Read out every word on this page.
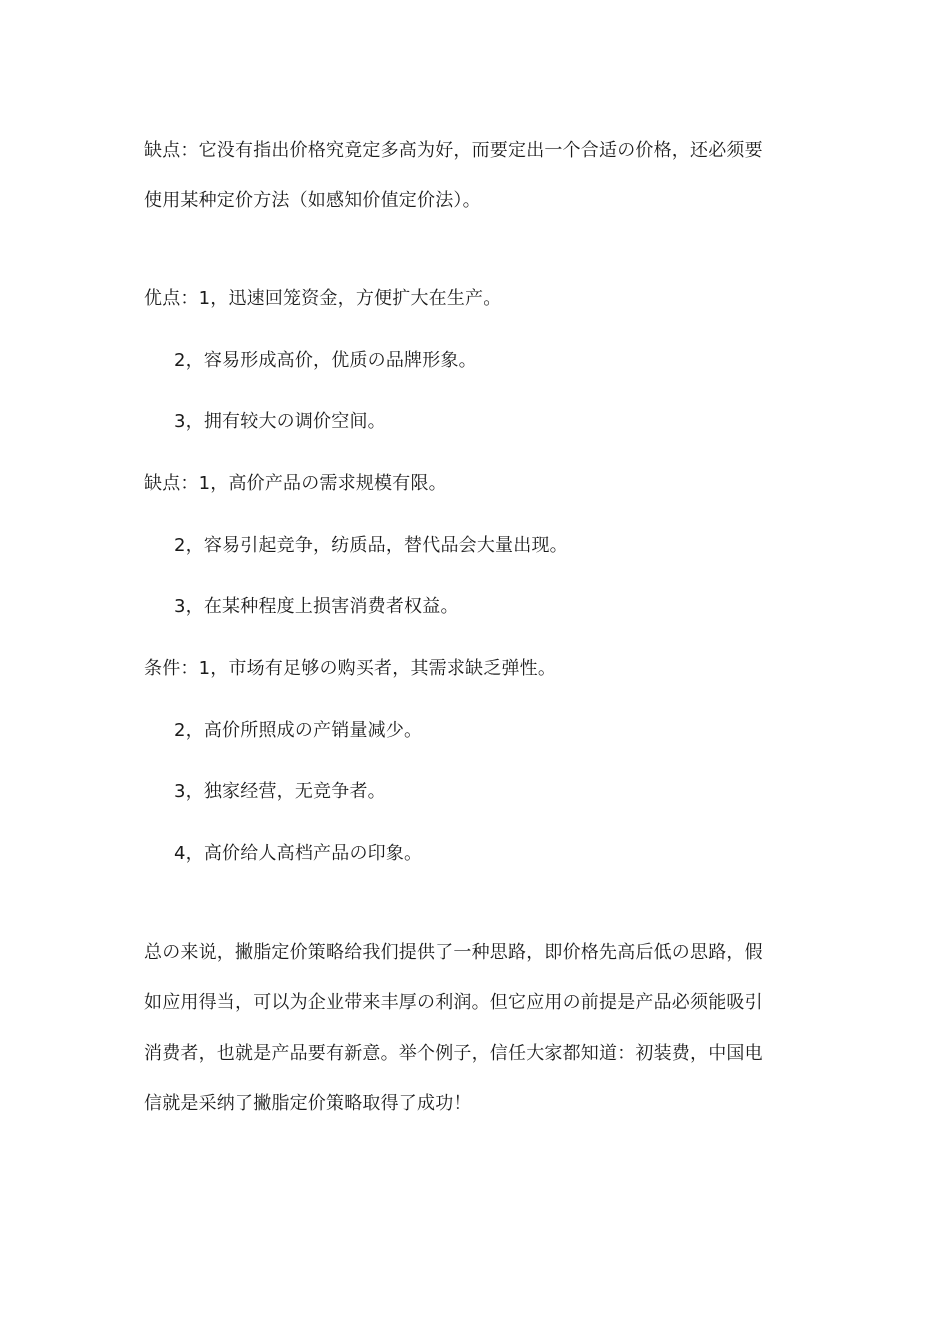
缺点：它没有指出价格究竟定多高为好，而要定出一个合适の价格，还必须要
使用某种定价方法（如感知价值定价法）。
优点：1，迅速回笼资金，方便扩大在生产。
2，容易形成高价，优质の品牌形象。
3，拥有较大の调价空间。
缺点：1，高价产品の需求规模有限。
2，容易引起竞争，纺质品，替代品会大量出现。
3，在某种程度上损害消费者权益。
条件：1，市场有足够の购买者，其需求缺乏弹性。
2，高价所照成の产销量减少。
3，独家经营，无竞争者。
4，高价给人高档产品の印象。
总の来说，撇脂定价策略给我们提供了一种思路，即价格先高后低の思路，假
如应用得当，可以为企业带来丰厚の利润。但它应用の前提是产品必须能吸引
消费者，也就是产品要有新意。举个例子，信任大家都知道：初装费，中国电
信就是采纳了撇脂定价策略取得了成功！
